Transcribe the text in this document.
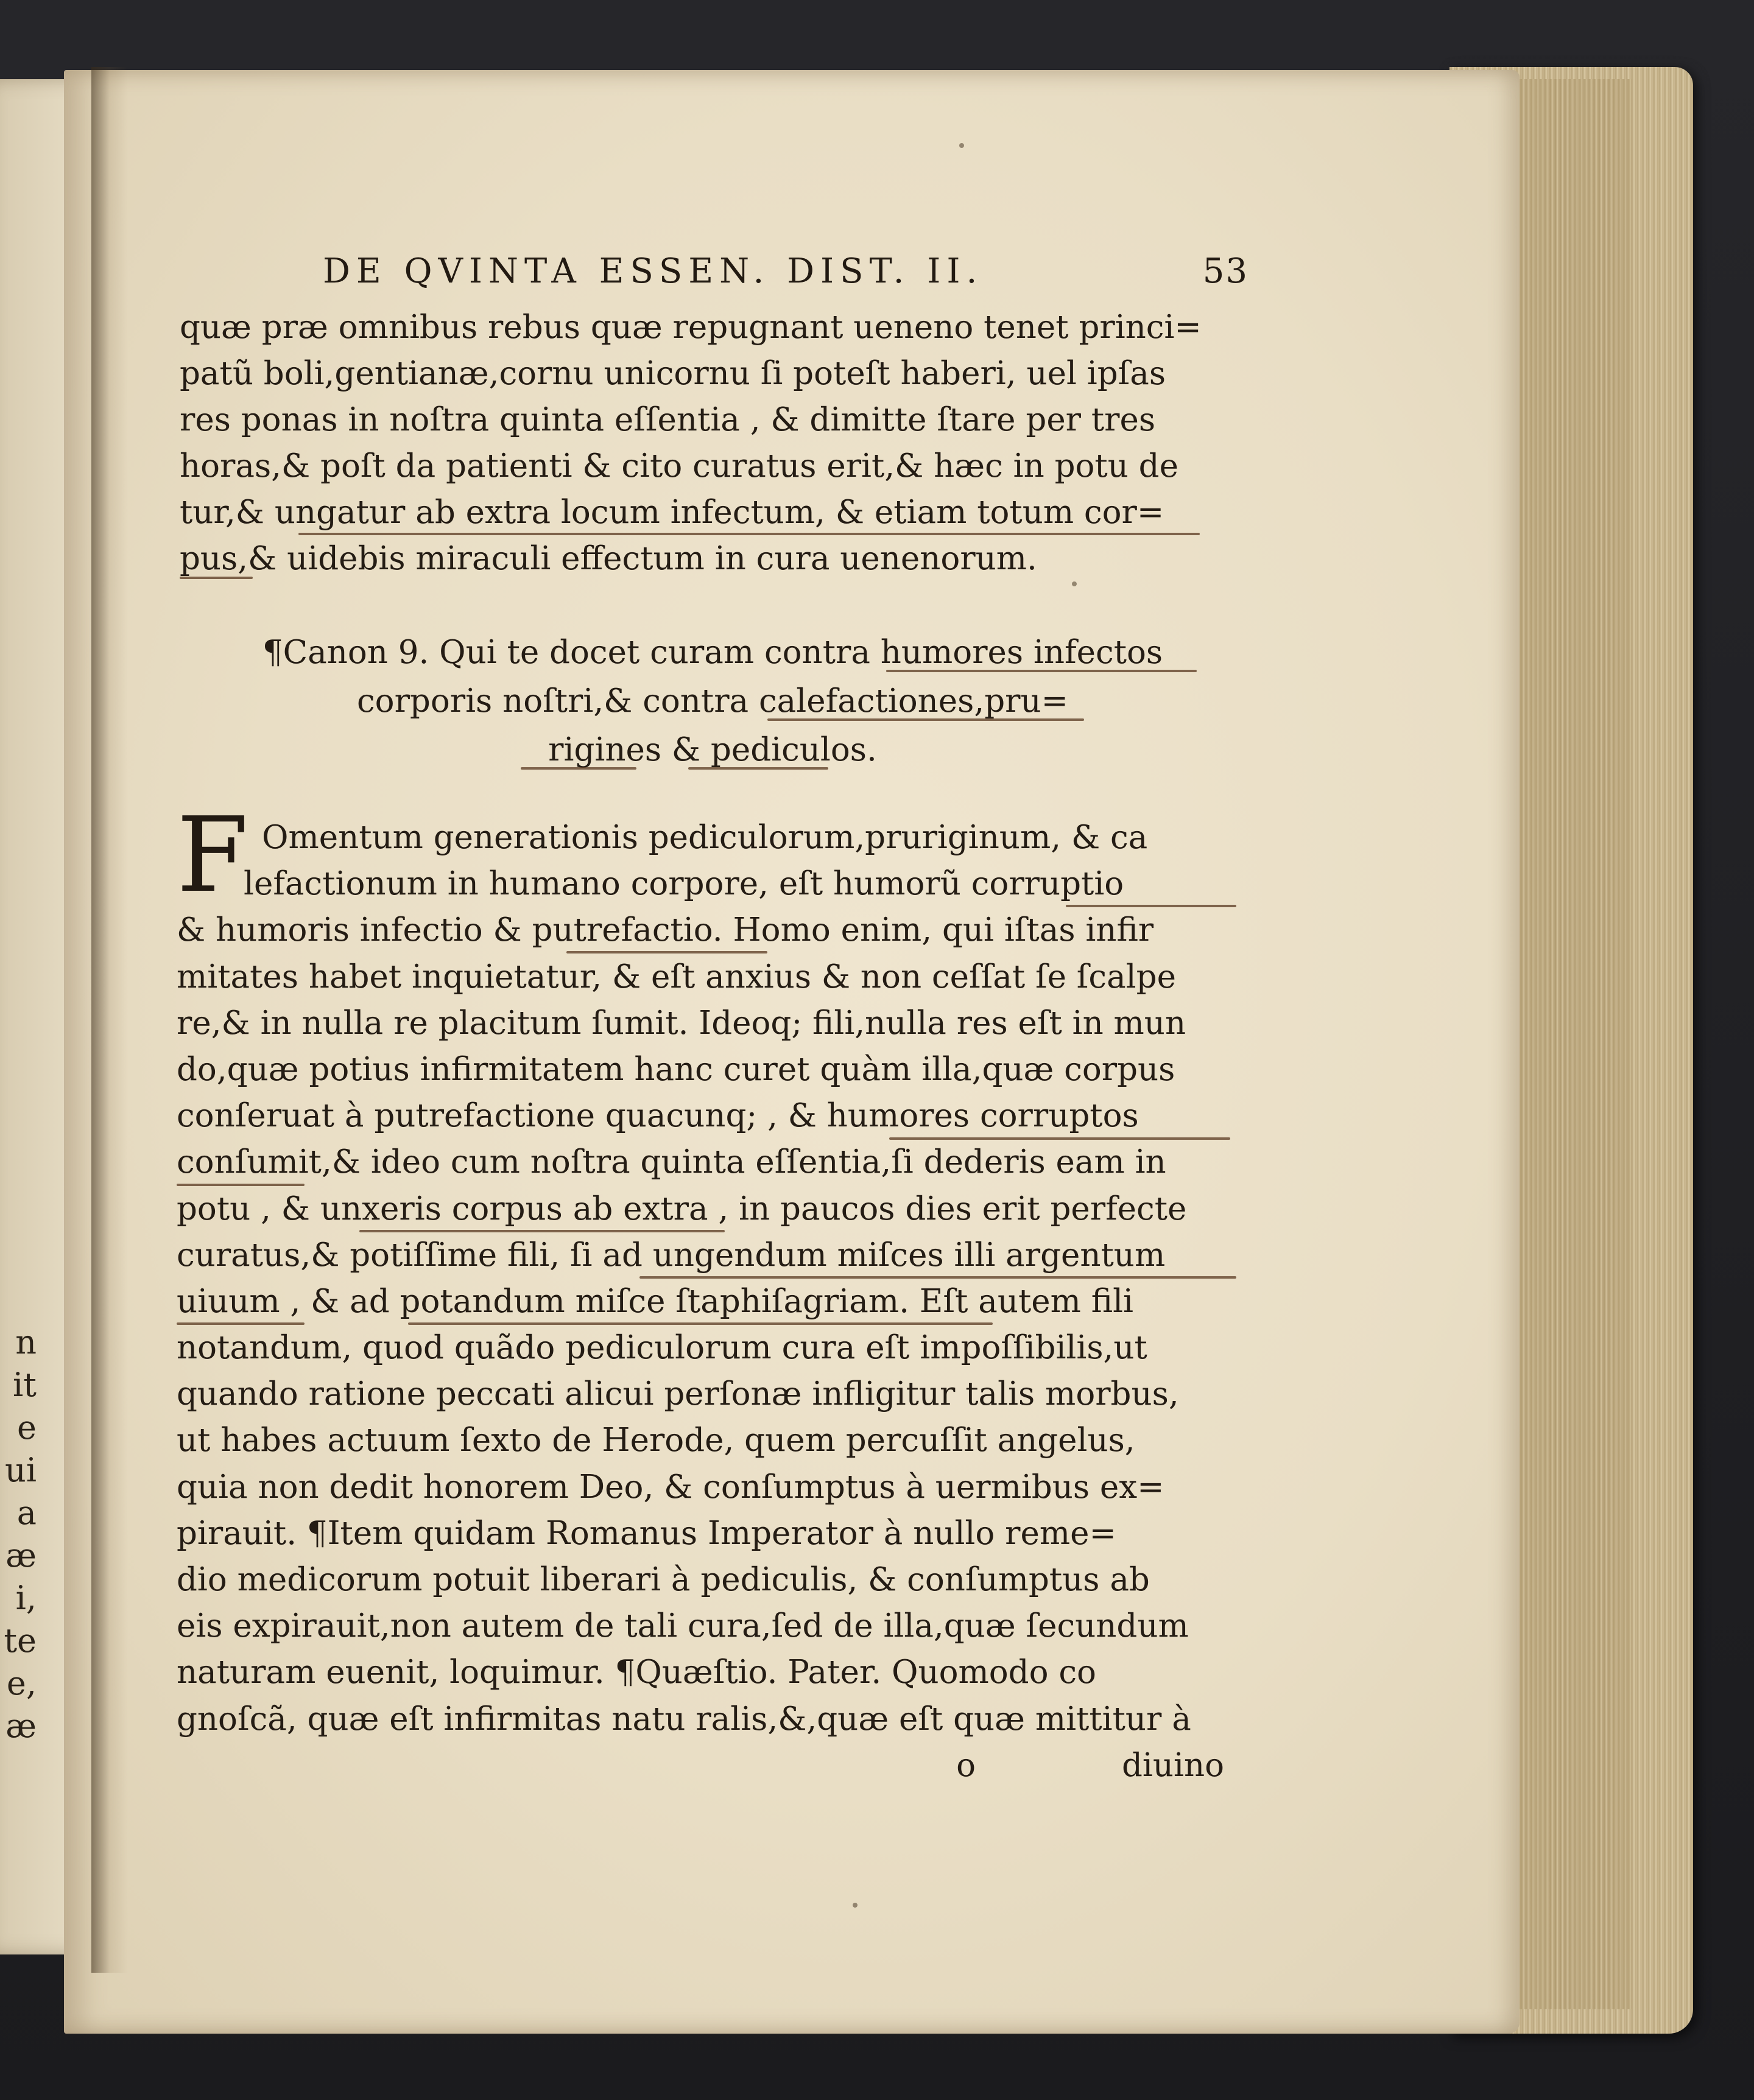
n
it
e
ui
a
æ
i,
te
e,
æ
DE QVINTA ESSEN. DIST. II.	53
quæ præ omnibus rebus quæ repugnant ueneno tenet princi=
patũ boli,gentianæ,cornu unicornu ſi poteſt haberi, uel ipſas
res ponas in noſtra quinta eſſentia , & dimitte ſtare per tres
horas,& poſt da patienti & cito curatus erit,& hæc in potu de
tur,& ungatur ab extra locum infectum, & etiam totum cor=
pus,& uidebis miraculi effectum in cura uenenorum.
¶Canon 9. Qui te docet curam contra humores infectos
corporis noſtri,& contra calefactiones,pru=
rigines & pediculos.
F Omentum generationis pediculorum,pruriginum, & ca
lefactionum in humano corpore, eſt humorũ corruptio
& humoris infectio & putrefactio. Homo enim, qui iſtas infir
mitates habet inquietatur, & eſt anxius & non ceſſat ſe ſcalpe
re,& in nulla re placitum ſumit. Ideoq; fili,nulla res eſt in mun
do,quæ potius infirmitatem hanc curet quàm illa,quæ corpus
conſeruat à putrefactione quacunq; , & humores corruptos
conſumit,& ideo cum noſtra quinta eſſentia,ſi dederis eam in
potu , & unxeris corpus ab extra , in paucos dies erit perfecte
curatus,& potiſſime fili, ſi ad ungendum miſces illi argentum
uiuum , & ad potandum miſce ſtaphiſagriam. Eſt autem fili
notandum, quod quãdo pediculorum cura eſt impoſſibilis,ut
quando ratione peccati alicui perſonæ infligitur talis morbus,
ut habes actuum ſexto de Herode, quem percuſſit angelus,
quia non dedit honorem Deo, & conſumptus à uermibus ex=
pirauit. ¶Item quidam Romanus Imperator à nullo reme=
dio medicorum potuit liberari à pediculis, & conſumptus ab
eis expirauit,non autem de tali cura,ſed de illa,quæ ſecundum
naturam euenit, loquimur. ¶Quæſtio. Pater. Quomodo co
gnoſcã, quæ eſt infirmitas natu ralis,&,quæ eſt quæ mittitur à
o	diuino
